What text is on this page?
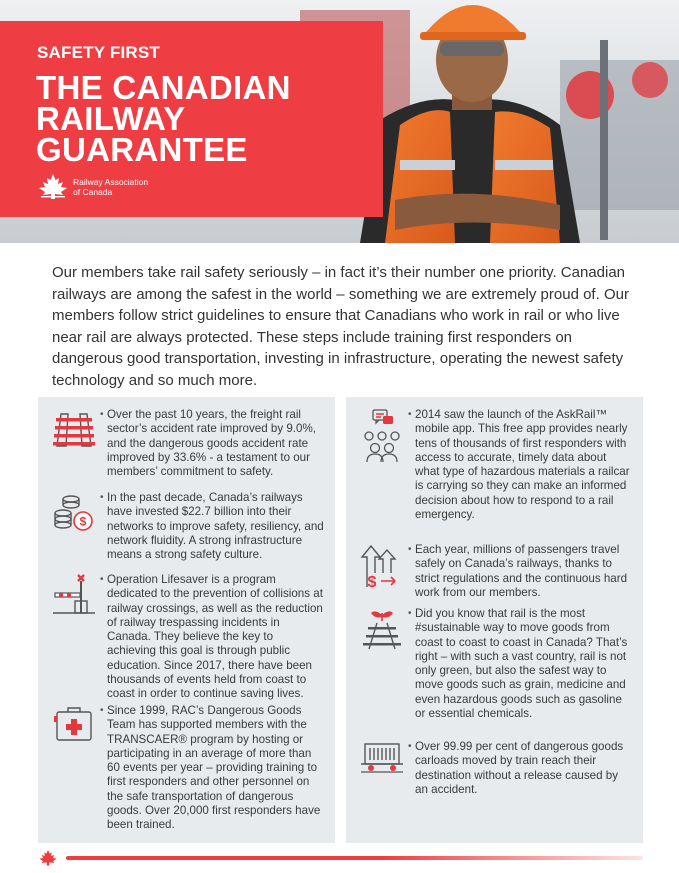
SAFETY FIRST
THE CANADIAN
RAILWAY
GUARANTEE
Railway Association
of Canada

Our members take rail safety seriously – in fact it’s their number one priority. Canadian railways are among the safest in the world – something we are extremely proud of. Our members follow strict guidelines to ensure that Canadians who work in rail or who live near rail are always protected. These steps include training first responders on dangerous good transportation, investing in infrastructure, operating the newest safety technology and so much more.

• Over the past 10 years, the freight rail sector’s accident rate improved by 9.0%, and the dangerous goods accident rate improved by 33.6% - a testament to our members’ commitment to safety.
$
• In the past decade, Canada’s railways have invested $22.7 billion into their networks to improve safety, resiliency, and network fluidity. A strong infrastructure means a strong safety culture.
• Operation Lifesaver is a program dedicated to the prevention of collisions at railway crossings, as well as the reduction of railway trespassing incidents in Canada. They believe the key to achieving this goal is through public education. Since 2017, there have been thousands of events held from coast to coast in order to continue saving lives.
• Since 1999, RAC’s Dangerous Goods Team has supported members with the TRANSCAER® program by hosting or participating in an average of more than 60 events per year – providing training to first responders and other personnel on the safe transportation of dangerous goods. Over 20,000 first responders have been trained.
• 2014 saw the launch of the AskRail™ mobile app. This free app provides nearly tens of thousands of first responders with access to accurate, timely data about what type of hazardous materials a railcar is carrying so they can make an informed decision about how to respond to a rail emergency.
$
• Each year, millions of passengers travel safely on Canada’s railways, thanks to strict regulations and the continuous hard work from our members.
• Did you know that rail is the most #sustainable way to move goods from coast to coast to coast in Canada? That’s right – with such a vast country, rail is not only green, but also the safest way to move goods such as grain, medicine and even hazardous goods such as gasoline or essential chemicals.
• Over 99.99 per cent of dangerous goods carloads moved by train reach their destination without a release caused by an accident.
